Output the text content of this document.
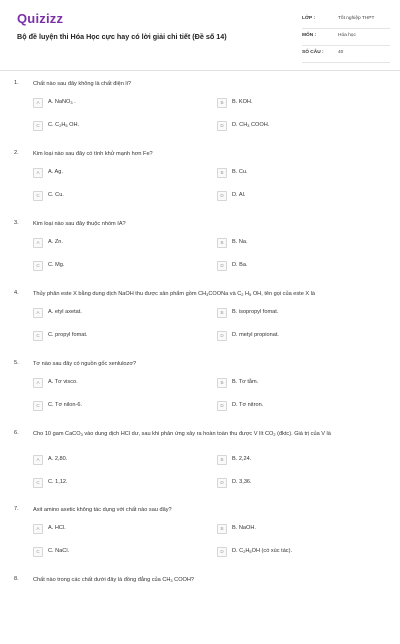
Quizizz
Bộ đề luyện thi Hóa Học cực hay có lời giải chi tiết (Đề số 14)
LỚP :	Tốt nghiệp THPT
MÔN :	Hóa học
SỐ CÂU :	40
1.	Chất nào sau đây không là chất điện li?
A	A. NaNO$_3$ .	B	B. KOH.
C	C. $C_2H_5$ OH.	D	D. $CH_3$ COOH.
2.	Kim loại nào sau đây có tính khử mạnh hơn Fe?
A	A. Ag.	B	B. Cu.
C	C. Cu.	D	D. Al.
3.	Kim loại nào sau đây thuộc nhóm IA?
A	A. Zn.	B	B. Na.
C	C. Mg.	D	D. Ba.
4.	Thủy phân este X bằng dung dịch NaOH thu được sản phẩm gồm $CH_3COONa$ và $C_2$ $H_5$ OH, tên gọi của este X là
A	A. etyl axetat.	B	B. isopropyl fomat.
C	C. propyl fomat.	D	D. metyl propionat.
5.	Tơ nào sau đây có nguồn gốc xenlulozơ?
A	A. Tơ visco.	B	B. Tơ tằm.
C	C. Tơ nilon-6.	D	D. Tơ nitron.
6.	Cho 10 gam CaCO$_3$ vào dung dịch HCl dư, sau khi phản ứng xảy ra hoàn toàn thu được V lít $CO_2$ (đktc). Giá trị của V là
A	A. 2,80.	B	B. 2,24.
C	C. 1,12.	D	D. 3,36.
7.	Axit amino axetic không tác dụng với chất nào sau đây?
A	A. HCl.	B	B. NaOH.
C	C. NaCl.	D	D. $C_2H_5OH$ (có xúc tác).
8.	Chất nào trong các chất dưới đây là đồng đẳng của $CH_3$ COOH?
